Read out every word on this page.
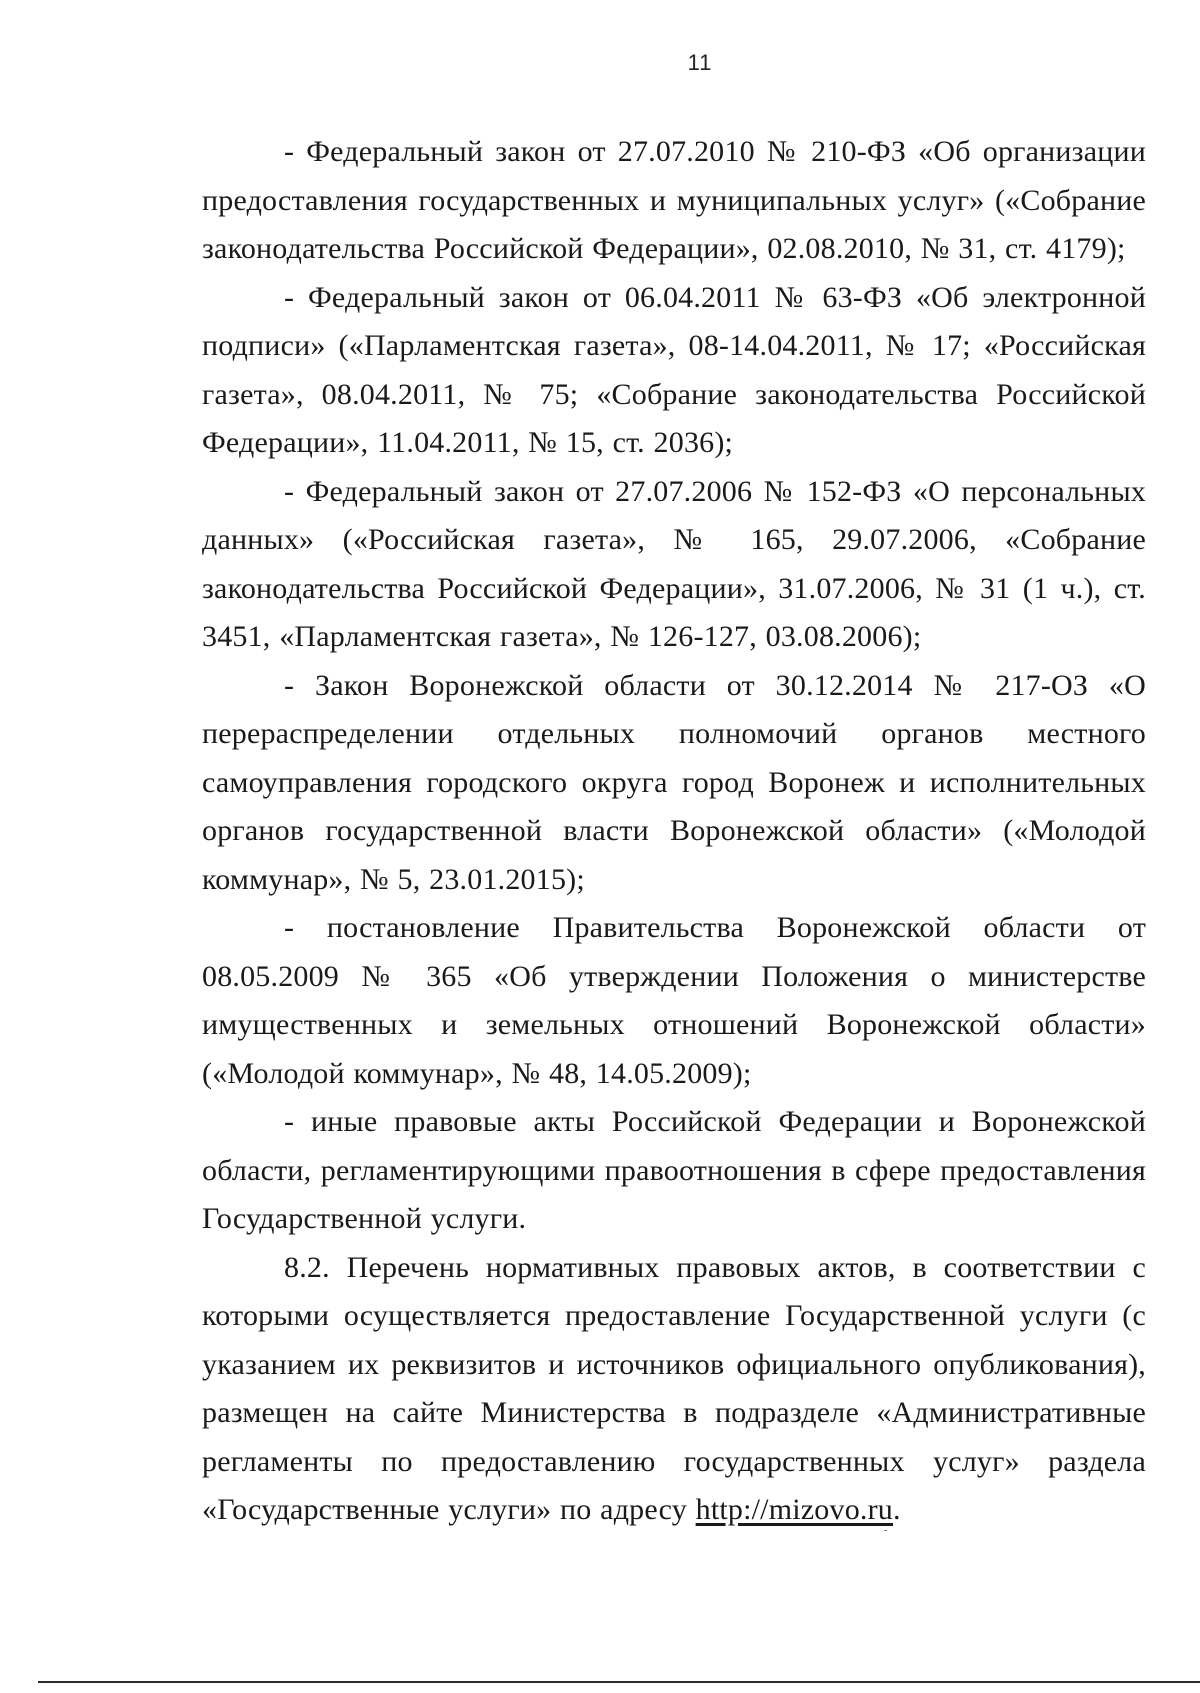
11

- Федеральный закон от 27.07.2010 № 210-ФЗ «Об организации предоставления государственных и муниципальных услуг» («Собрание законодательства Российской Федерации», 02.08.2010, № 31, ст. 4179);

- Федеральный закон от 06.04.2011 № 63-ФЗ «Об электронной подписи» («Парламентская газета», 08-14.04.2011, № 17; «Российская газета», 08.04.2011, № 75; «Собрание законодательства Российской Федерации», 11.04.2011, № 15, ст. 2036);

- Федеральный закон от 27.07.2006 № 152-ФЗ «О персональных данных» («Российская газета», № 165, 29.07.2006, «Собрание законодательства Российской Федерации», 31.07.2006, № 31 (1 ч.), ст. 3451, «Парламентская газета», № 126-127, 03.08.2006);

- Закон Воронежской области от 30.12.2014 № 217-ОЗ «О перераспределении отдельных полномочий органов местного самоуправления городского округа город Воронеж и исполнительных органов государственной власти Воронежской области» («Молодой коммунар», № 5, 23.01.2015);

- постановление Правительства Воронежской области от 08.05.2009 № 365 «Об утверждении Положения о министерстве имущественных и земельных отношений Воронежской области» («Молодой коммунар», № 48, 14.05.2009);

- иные правовые акты Российской Федерации и Воронежской области, регламентирующими правоотношения в сфере предоставления Государственной услуги.

8.2. Перечень нормативных правовых актов, в соответствии с которыми осуществляется предоставление Государственной услуги (с указанием их реквизитов и источников официального опубликования), размещен на сайте Министерства в подразделе «Административные регламенты по предоставлению государственных услуг» раздела «Государственные услуги» по адресу http://mizovo.ru.
